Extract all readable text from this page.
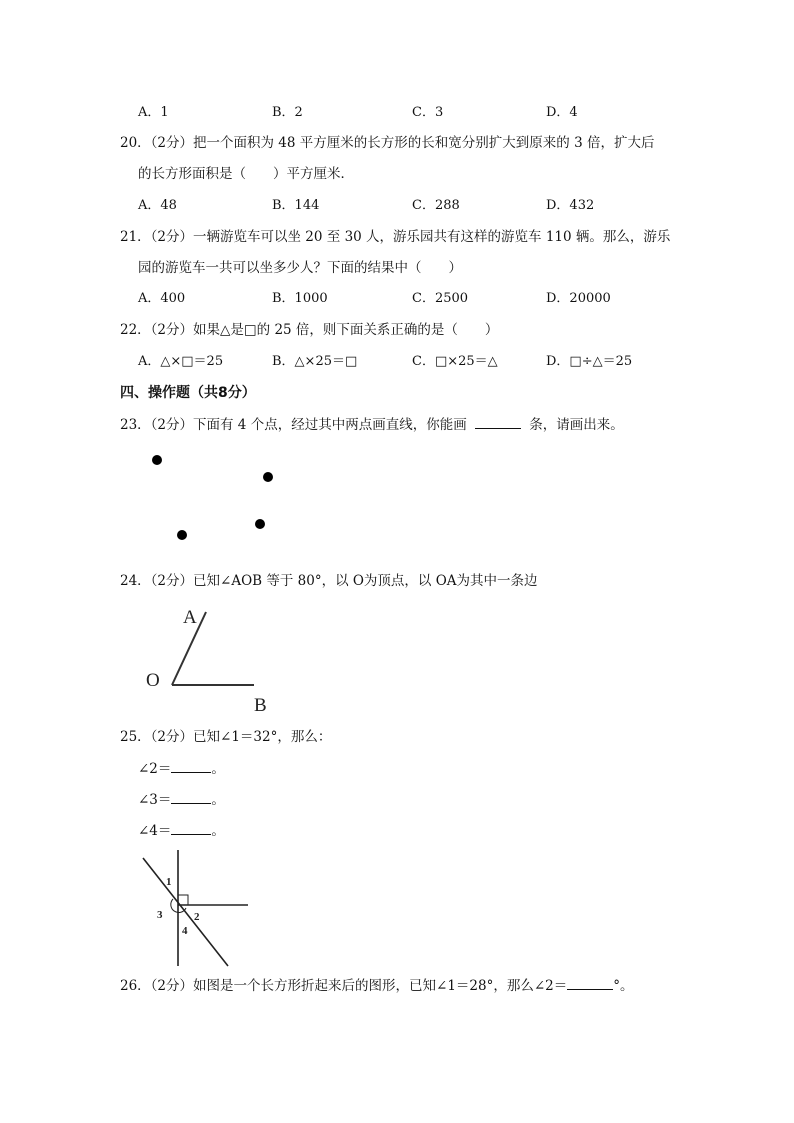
A．1	B．2	C．3	D．4
20．（2分）把一个面积为 48 平方厘米的长方形的长和宽分别扩大到原来的 3 倍，扩大后
的长方形面积是（　　）平方厘米．
A．48	B．144	C．288	D．432
21．（2分）一辆游览车可以坐 20 至 30 人，游乐园共有这样的游览车 110 辆。那么，游乐
园的游览车一共可以坐多少人？下面的结果中（　　）
A．400	B．1000	C．2500	D．20000
22．（2分）如果△是□的 25 倍，则下面关系正确的是（　　）
A．△×□＝25	B．△×25＝□	C．□×25＝△	D．□÷△＝25
四、操作题（共8分）
23．（2分）下面有 4 个点，经过其中两点画直线，你能画	条，请画出来。
24．（2分）已知∠AOB 等于 80°，以 O为顶点，以 OA为其中一条边
A
O
B
25．（2分）已知∠1＝32°，那么：
∠2＝	。
∠3＝	。
∠4＝	。
1
2
3
4
26．（2分）如图是一个长方形折起来后的图形，已知∠1＝28°，那么∠2＝	°。
